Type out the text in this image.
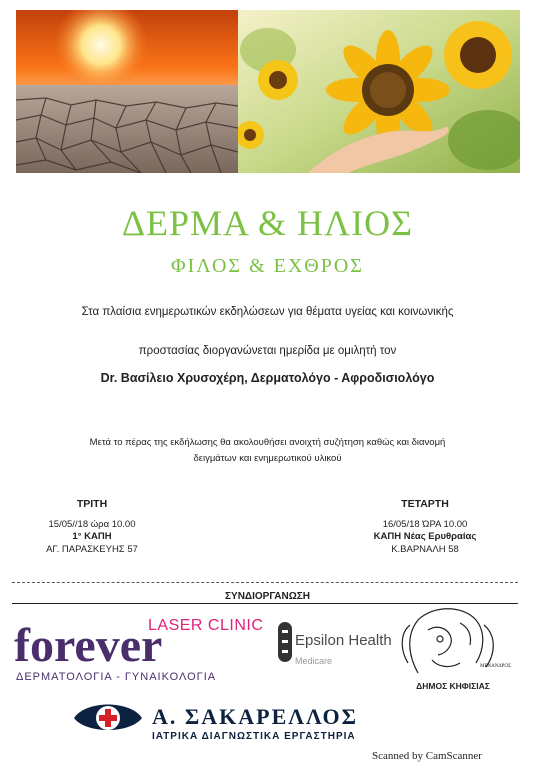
ΔΕΡΜΑ & ΗΛΙΟΣ
ΦΙΛΟΣ & ΕΧΘΡΟΣ
Στα πλαίσια ενημερωτικών εκδηλώσεων για θέματα υγείας και κοινωνικής
προστασίας διοργανώνεται ημερίδα με ομιλητή τον
Dr. Βασίλειο Χρυσοχέρη, Δερματολόγο - Αφροδισιολόγο
Μετά το πέρας της εκδήλωσης θα ακολουθήσει ανοιχτή συζήτηση καθώς και διανομή
δειγμάτων και ενημερωτικού υλικού
ΤΡΙΤΗ
15/05//18 ώρα 10.00
1° ΚΑΠΗ
ΑΓ. ΠΑΡΑΣΚΕΥΗΣ 57
ΤΕΤΑΡΤΗ
16/05/18 ΏΡΑ 10.00
ΚΑΠΗ Νέας Ερυθραίας
Κ.ΒΑΡΝΑΛΗ 58
ΣΥΝΔΙΟΡΓΑΝΩΣΗ
LASER CLINIC
forever
ΔΕΡΜΑΤΟΛΟΓΙΑ - ΓΥΝΑΙΚΟΛΟΓΙΑ
Epsilon Health
Medicare
ΜΕΝΑΝΔΡΟΣ
ΔΗΜΟΣ ΚΗΦΙΣΙΑΣ
Α. ΣΑΚΑΡΕΛΛΟΣ
ΙΑΤΡΙΚΑ ΔΙΑΓΝΩΣΤΙΚΑ ΕΡΓΑΣΤΗΡΙΑ
Scanned by CamScanner
